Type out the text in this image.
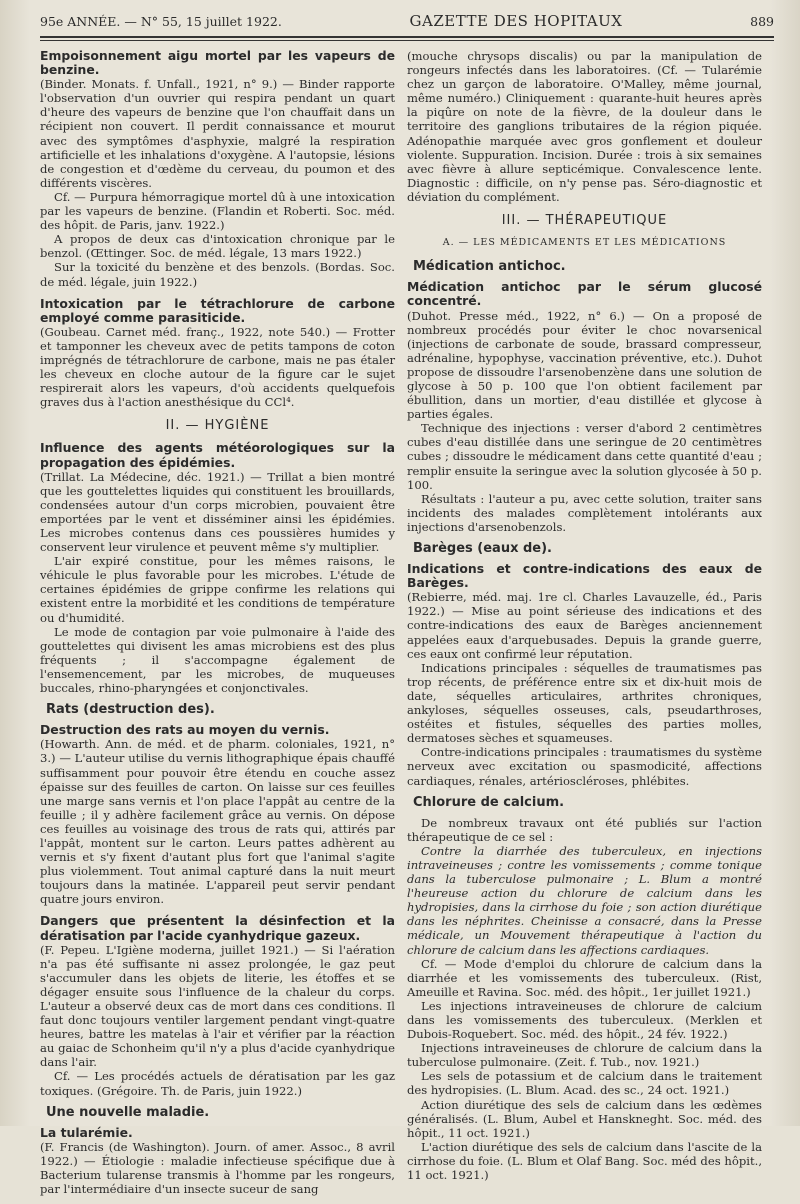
95e ANNÉE. — N° 55, 15 juillet 1922.	GAZETTE DES HOPITAUX	889

Empoisonnement aigu mortel par les vapeurs de benzine.

(Binder. Monats. f. Unfall., 1921, n° 9.) — Binder rapporte l'observation d'un ouvrier qui respira pendant un quart d'heure des vapeurs de benzine que l'on chauffait dans un récipient non couvert. Il perdit connaissance et mourut avec des symptômes d'asphyxie, malgré la respiration artificielle et les inhalations d'oxygène. A l'autopsie, lésions de congestion et d'œdème du cerveau, du poumon et des différents viscères.

Cf. — Purpura hémorragique mortel dû à une intoxication par les vapeurs de benzine. (Flandin et Roberti. Soc. méd. des hôpit. de Paris, janv. 1922.)

A propos de deux cas d'intoxication chronique par le benzol. (Œttinger. Soc. de méd. légale, 13 mars 1922.)

Sur la toxicité du benzène et des benzols. (Bordas. Soc. de méd. légale, juin 1922.)

Intoxication par le tétrachlorure de carbone employé comme parasiticide.

(Goubeau. Carnet méd. franç., 1922, note 540.) — Frotter et tamponner les cheveux avec de petits tampons de coton imprégnés de tétrachlorure de carbone, mais ne pas étaler les cheveux en cloche autour de la figure car le sujet respirerait alors les vapeurs, d'où accidents quelquefois graves dus à l'action anesthésique du CCl⁴.

II. — HYGIÈNE

Influence des agents météorologiques sur la propagation des épidémies.

(Trillat. La Médecine, déc. 1921.) — Trillat a bien montré que les gouttelettes liquides qui constituent les brouillards, condensées autour d'un corps microbien, pouvaient être emportées par le vent et disséminer ainsi les épidémies. Les microbes contenus dans ces poussières humides y conservent leur virulence et peuvent même s'y multiplier.

L'air expiré constitue, pour les mêmes raisons, le véhicule le plus favorable pour les microbes. L'étude de certaines épidémies de grippe confirme les relations qui existent entre la morbidité et les conditions de température ou d'humidité.

Le mode de contagion par voie pulmonaire à l'aide des gouttelettes qui divisent les amas microbiens est des plus fréquents ; il s'accompagne également de l'ensemencement, par les microbes, de muqueuses buccales, rhino-pharyngées et conjonctivales.

Rats (destruction des).

Destruction des rats au moyen du vernis.

(Howarth. Ann. de méd. et de pharm. coloniales, 1921, n° 3.) — L'auteur utilise du vernis lithographique épais chauffé suffisamment pour pouvoir être étendu en couche assez épaisse sur des feuilles de carton. On laisse sur ces feuilles une marge sans vernis et l'on place l'appât au centre de la feuille ; il y adhère facilement grâce au vernis. On dépose ces feuilles au voisinage des trous de rats qui, attirés par l'appât, montent sur le carton. Leurs pattes adhèrent au vernis et s'y fixent d'autant plus fort que l'animal s'agite plus violemment. Tout animal capturé dans la nuit meurt toujours dans la matinée. L'appareil peut servir pendant quatre jours environ.

Dangers que présentent la désinfection et la dératisation par l'acide cyanhydrique gazeux.

(F. Pepeu. L'Igiène moderna, juillet 1921.) — Si l'aération n'a pas été suffisante ni assez prolongée, le gaz peut s'accumuler dans les objets de literie, les étoffes et se dégager ensuite sous l'influence de la chaleur du corps. L'auteur a observé deux cas de mort dans ces conditions. Il faut donc toujours ventiler largement pendant vingt-quatre heures, battre les matelas à l'air et vérifier par la réaction au gaiac de Schonheim qu'il n'y a plus d'acide cyanhydrique dans l'air.

Cf. — Les procédés actuels de dératisation par les gaz toxiques. (Grégoire. Th. de Paris, juin 1922.)

Une nouvelle maladie.

La tularémie.

(F. Francis (de Washington). Journ. of amer. Assoc., 8 avril 1922.) — Étiologie : maladie infectieuse spécifique due à Bacterium tularense transmis à l'homme par les rongeurs, par l'intermédiaire d'un insecte suceur de sang

(mouche chrysops discalis) ou par la manipulation de rongeurs infectés dans les laboratoires. (Cf. — Tularémie chez un garçon de laboratoire. O'Malley, même journal, même numéro.) Cliniquement : quarante-huit heures après la piqûre on note de la fièvre, de la douleur dans le territoire des ganglions tributaires de la région piquée. Adénopathie marquée avec gros gonflement et douleur violente. Suppuration. Incision. Durée : trois à six semaines avec fièvre à allure septicémique. Convalescence lente. Diagnostic : difficile, on n'y pense pas. Séro-diagnostic et déviation du complément.

III. — THÉRAPEUTIQUE
A. — LES MÉDICAMENTS ET LES MÉDICATIONS
Médication antichoc.

Médication antichoc par le sérum glucosé concentré.

(Duhot. Presse méd., 1922, n° 6.) — On a proposé de nombreux procédés pour éviter le choc novarsenical (injections de carbonate de soude, brassard compresseur, adrénaline, hypophyse, vaccination préventive, etc.). Duhot propose de dissoudre l'arsenobenzène dans une solution de glycose à 50 p. 100 que l'on obtient facilement par ébullition, dans un mortier, d'eau distillée et glycose à parties égales.

Technique des injections : verser d'abord 2 centimètres cubes d'eau distillée dans une seringue de 20 centimètres cubes ; dissoudre le médicament dans cette quantité d'eau ; remplir ensuite la seringue avec la solution glycosée à 50 p. 100.

Résultats : l'auteur a pu, avec cette solution, traiter sans incidents des malades complètement intolérants aux injections d'arsenobenzols.

Barèges (eaux de).

Indications et contre-indications des eaux de Barèges.

(Rebierre, méd. maj. 1re cl. Charles Lavauzelle, éd., Paris 1922.) — Mise au point sérieuse des indications et des contre-indications des eaux de Barèges anciennement appelées eaux d'arquebusades. Depuis la grande guerre, ces eaux ont confirmé leur réputation.

Indications principales : séquelles de traumatismes pas trop récents, de préférence entre six et dix-huit mois de date, séquelles articulaires, arthrites chroniques, ankyloses, séquelles osseuses, cals, pseudarthroses, ostéites et fistules, séquelles des parties molles, dermatoses sèches et squameuses.

Contre-indications principales : traumatismes du système nerveux avec excitation ou spasmodicité, affections cardiaques, rénales, artérioscléroses, phlébites.

Chlorure de calcium.

De nombreux travaux ont été publiés sur l'action thérapeutique de ce sel :

Contre la diarrhée des tuberculeux, en injections intraveineuses ; contre les vomissements ; comme tonique dans la tuberculose pulmonaire ; L. Blum a montré l'heureuse action du chlorure de calcium dans les hydropisies, dans la cirrhose du foie ; son action diurétique dans les néphrites. Cheinisse a consacré, dans la Presse médicale, un Mouvement thérapeutique à l'action du chlorure de calcium dans les affections cardiaques.

Cf. — Mode d'emploi du chlorure de calcium dans la diarrhée et les vomissements des tuberculeux. (Rist, Ameuille et Ravina. Soc. méd. des hôpit., 1er juillet 1921.)

Les injections intraveineuses de chlorure de calcium dans les vomissements des tuberculeux. (Merklen et Dubois-Roquebert. Soc. méd. des hôpit., 24 fév. 1922.)

Injections intraveineuses de chlorure de calcium dans la tuberculose pulmonaire. (Zeit. f. Tub., nov. 1921.)

Les sels de potassium et de calcium dans le traitement des hydropisies. (L. Blum. Acad. des sc., 24 oct. 1921.)

Action diurétique des sels de calcium dans les œdèmes généralisés. (L. Blum, Aubel et Hanskneght. Soc. méd. des hôpit., 11 oct. 1921.)

L'action diurétique des sels de calcium dans l'ascite de la cirrhose du foie. (L. Blum et Olaf Bang. Soc. méd des hôpit., 11 oct. 1921.)
